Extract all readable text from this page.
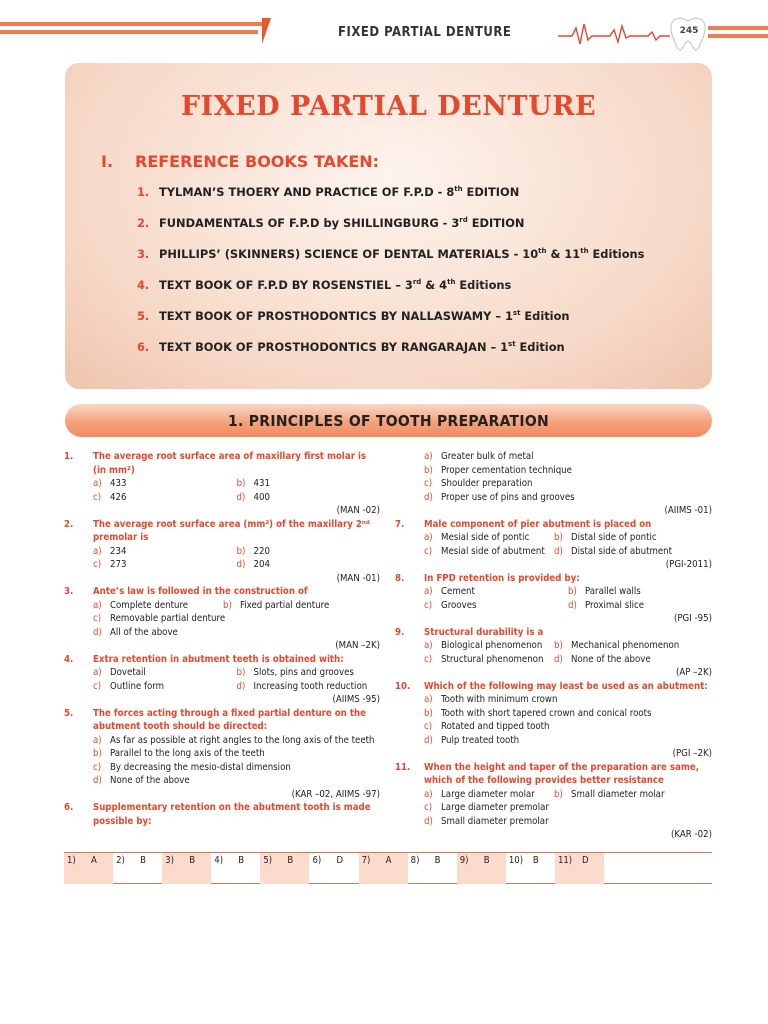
FIXED PARTIAL DENTURE	245
FIXED PARTIAL DENTURE
I. REFERENCE BOOKS TAKEN:
1. TYLMAN’S THOERY AND PRACTICE OF F.P.D - 8th EDITION
2. FUNDAMENTALS OF F.P.D by SHILLINGBURG - 3rd EDITION
3. PHILLIPS’ (SKINNERS) SCIENCE OF DENTAL MATERIALS - 10th & 11th Editions
4. TEXT BOOK OF F.P.D BY ROSENSTIEL – 3rd & 4th Editions
5. TEXT BOOK OF PROSTHODONTICS BY NALLASWAMY – 1st Edition
6. TEXT BOOK OF PROSTHODONTICS BY RANGARAJAN – 1st Edition
1. PRINCIPLES OF TOOTH PREPARATION
1. The average root surface area of maxillary first molar is (in mm²)
a) 433	b) 431
c) 426	d) 400
(MAN -02)
2. The average root surface area (mm²) of the maxillary 2ⁿᵈ premolar is
a) 234	b) 220
c) 273	d) 204
(MAN -01)
3. Ante’s law is followed in the construction of
a) Complete denture	b) Fixed partial denture
c) Removable partial denture
d) All of the above
(MAN –2K)
4. Extra retention in abutment teeth is obtained with:
a) Dovetail	b) Slots, pins and grooves
c) Outline form	d) Increasing tooth reduction
(AIIMS -95)
5. The forces acting through a fixed partial denture on the abutment tooth should be directed:
a) As far as possible at right angles to the long axis of the teeth
b) Parallel to the long axis of the teeth
c) By decreasing the mesio-distal dimension
d) None of the above
(KAR –02, AIIMS -97)
6. Supplementary retention on the abutment tooth is made possible by:
a) Greater bulk of metal
b) Proper cementation technique
c) Shoulder preparation
d) Proper use of pins and grooves
(AIIMS -01)
7. Male component of pier abutment is placed on
a) Mesial side of pontic	b) Distal side of pontic
c) Mesial side of abutment d) Distal side of abutment
(PGI-2011)
8. In FPD retention is provided by:
a) Cement	b) Parallel walls
c) Grooves	d) Proximal slice
(PGI -95)
9. Structural durability is a
a) Biological phenomenon b) Mechanical phenomenon
c) Structural phenomenon d) None of the above
(AP –2K)
10. Which of the following may least be used as an abutment:
a) Tooth with minimum crown
b) Tooth with short tapered crown and conical roots
c) Rotated and tipped tooth
d) Pulp treated tooth
(PGI –2K)
11. When the height and taper of the preparation are same, which of the following provides better resistance
a) Large diameter molar b) Small diameter molar
c) Large diameter premolar
d) Small diameter premolar
(KAR -02)
1)	A 2)	B 3)	B 4)	B 5)	B 6)	D 7)	A 8)	B 9)	B 10)	B 11)	D
